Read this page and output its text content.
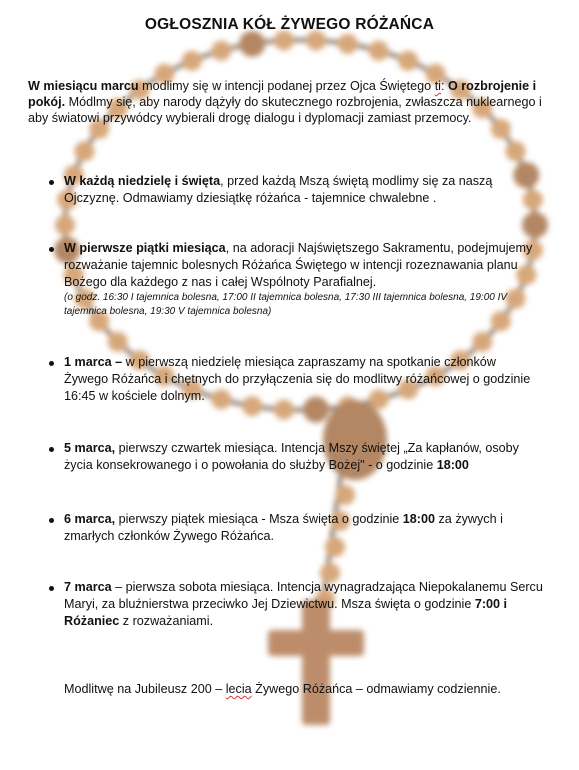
OGŁOSZNIA KÓŁ ŻYWEGO RÓŻAŃCA
W miesiącu marcu modlimy się w intencji podanej przez Ojca Świętego ti: O rozbrojenie i pokój. Módlmy się, aby narody dążyły do skutecznego rozbrojenia, zwłaszcza nuklearnego i aby światowi przywódcy wybierali drogę dialogu i dyplomacji zamiast przemocy.
W każdą niedzielę i święta, przed każdą Mszą świętą modlimy się za naszą Ojczyznę. Odmawiamy dziesiątkę różańca - tajemnice chwalebne .
W pierwsze piątki miesiąca, na adoracji Najświętszego Sakramentu, podejmujemy rozważanie tajemnic bolesnych Różańca Świętego w intencji rozeznawania planu Bożego dla każdego z nas i całej Wspólnoty Parafialnej.
(o godz. 16:30 I tajemnica bolesna, 17:00 II tajemnica bolesna, 17:30 III tajemnica bolesna, 19:00 IV tajemnica bolesna, 19:30 V tajemnica bolesna)
1 marca – w pierwszą niedzielę miesiąca zapraszamy na spotkanie członków Żywego Różańca i chętnych do przyłączenia się do modlitwy różańcowej o godzinie 16:45 w kościele dolnym.
5 marca, pierwszy czwartek miesiąca. Intencja Mszy świętej „Za kapłanów, osoby życia konsekrowanego i o powołania do służby Bożej" - o godzinie 18:00
6 marca, pierwszy piątek miesiąca - Msza święta o godzinie 18:00 za żywych i zmarłych członków Żywego Różańca.
7 marca – pierwsza sobota miesiąca. Intencja wynagradzająca Niepokalanemu Sercu Maryi, za bluźnierstwa przeciwko Jej Dziewictwu. Msza święta o godzinie 7:00 i Różaniec z rozważaniami.
Modlitwę na Jubileusz 200 – lecia Żywego Różańca – odmawiamy codziennie.
